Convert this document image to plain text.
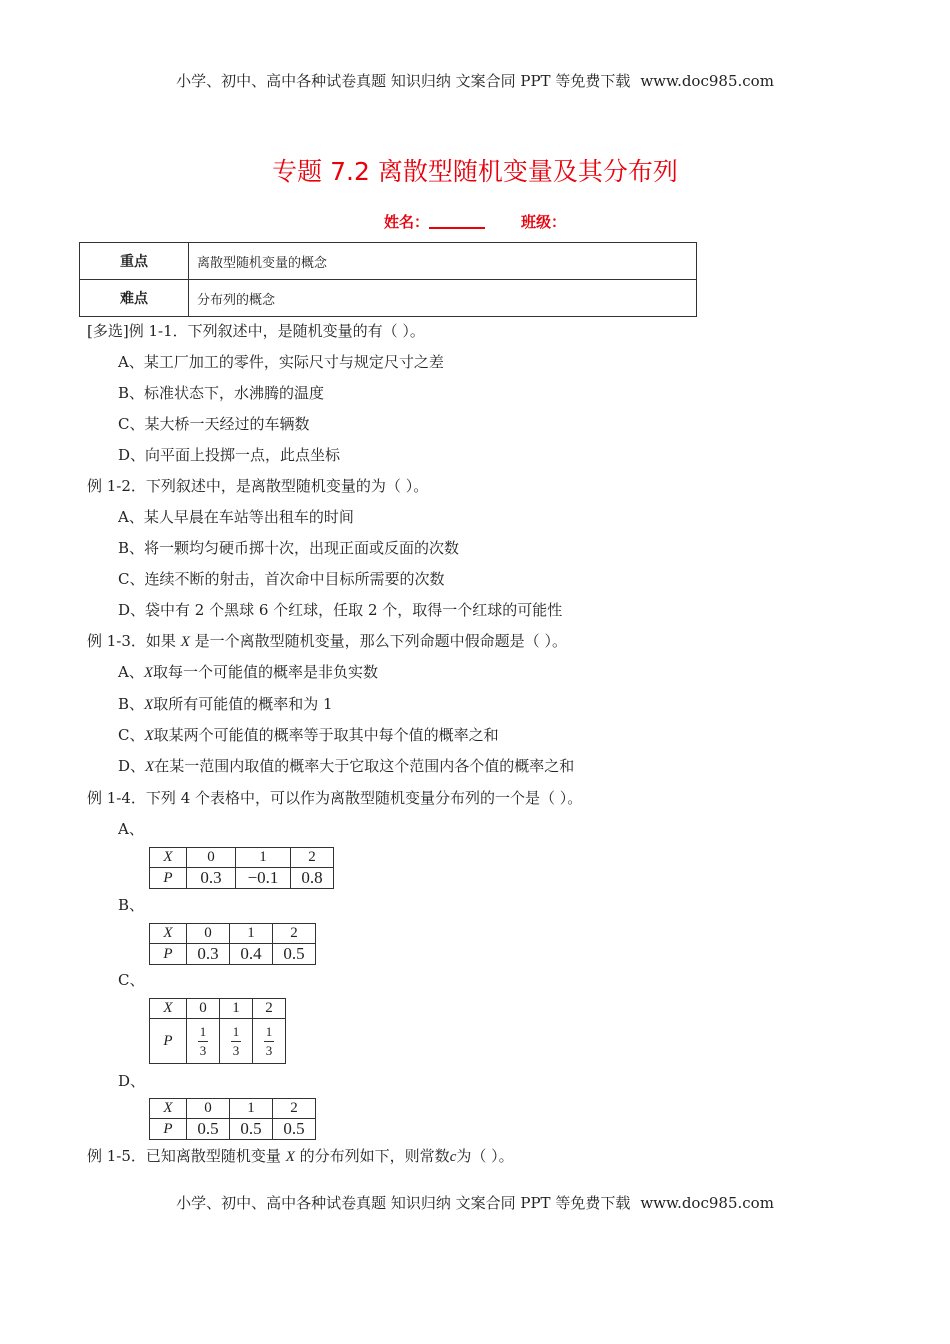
小学、初中、高中各种试卷真题 知识归纳 文案合同 PPT 等免费下载 www.doc985.com
专题 7.2 离散型随机变量及其分布列
姓名：	班级：
重点	离散型随机变量的概念
难点	分布列的概念
[多选]例 1-1．下列叙述中，是随机变量的有（ ）。
A、某工厂加工的零件，实际尺寸与规定尺寸之差
B、标准状态下，水沸腾的温度
C、某大桥一天经过的车辆数
D、向平面上投掷一点，此点坐标
例 1-2．下列叙述中，是离散型随机变量的为（ ）。
A、某人早晨在车站等出租车的时间
B、将一颗均匀硬币掷十次，出现正面或反面的次数
C、连续不断的射击，首次命中目标所需要的次数
D、袋中有 2 个黑球 6 个红球，任取 2 个，取得一个红球的可能性
例 1-3．如果 X 是一个离散型随机变量，那么下列命题中假命题是（ ）。
A、X取每一个可能值的概率是非负实数
B、X取所有可能值的概率和为 1
C、X取某两个可能值的概率等于取其中每个值的概率之和
D、X在某一范围内取值的概率大于它取这个范围内各个值的概率之和
例 1-4．下列 4 个表格中，可以作为离散型随机变量分布列的一个是（ ）。
A、
X	0	1	2
P	0.3	−0.1	0.8
B、
X	0	1	2
P	0.3	0.4	0.5
C、
X	0	1	2
P	$\frac{1}{3}$	$\frac{1}{3}$	$\frac{1}{3}$
D、
X	0	1	2
P	0.5	0.5	0.5
例 1-5．已知离散型随机变量 X 的分布列如下，则常数c为（ ）。
小学、初中、高中各种试卷真题 知识归纳 文案合同 PPT 等免费下载 www.doc985.com
